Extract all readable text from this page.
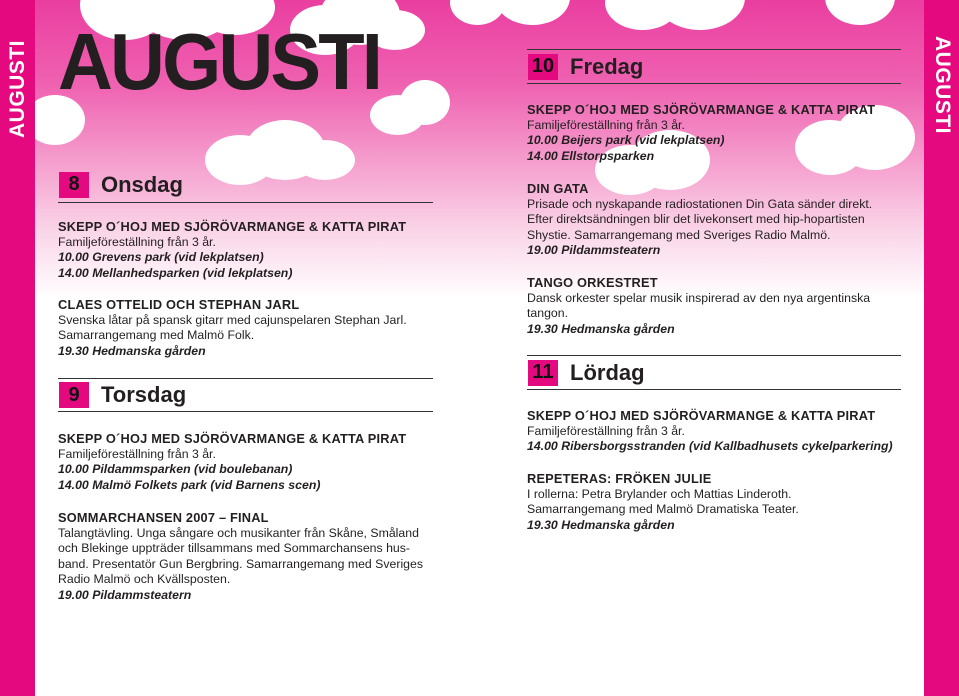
AUGUSTI	AUGUSTI
AUGUSTI
8 Onsdag

SKEPP O´HOJ MED SJÖRÖVARMANGE & KATTA PIRAT

Familjeföreställning från 3 år.

10.00 Grevens park (vid lekplatsen)

14.00 Mellanhedsparken (vid lekplatsen)

CLAES OTTELID OCH STEPHAN JARL

Svenska låtar på spansk gitarr med cajunspelaren Stephan Jarl.

Samarrangemang med Malmö Folk.

19.30 Hedmanska gården

9 Torsdag

SKEPP O´HOJ MED SJÖRÖVARMANGE & KATTA PIRAT

Familjeföreställning från 3 år.

10.00 Pildammsparken (vid boulebanan)

14.00 Malmö Folkets park (vid Barnens scen)

SOMMARCHANSEN 2007 – FINAL

Talangtävling. Unga sångare och musikanter från Skåne, Småland

och Blekinge uppträder tillsammans med Sommarchansens hus-

band. Presentatör Gun Bergbring. Samarrangemang med Sveriges

Radio Malmö och Kvällsposten.

19.00 Pildammsteatern

10 Fredag

SKEPP O´HOJ MED SJÖRÖVARMANGE & KATTA PIRAT

Familjeföreställning från 3 år.

10.00 Beijers park (vid lekplatsen)

14.00 Ellstorpsparken

DIN GATA

Prisade och nyskapande radiostationen Din Gata sänder direkt.

Efter direktsändningen blir det livekonsert med hip-hopartisten

Shystie. Samarrangemang med Sveriges Radio Malmö.

19.00 Pildammsteatern

TANGO ORKESTRET

Dansk orkester spelar musik inspirerad av den nya argentinska

tangon.

19.30 Hedmanska gården

11 Lördag

SKEPP O´HOJ MED SJÖRÖVARMANGE & KATTA PIRAT

Familjeföreställning från 3 år.

14.00 Ribersborgsstranden (vid Kallbadhusets cykelparkering)

REPETERAS: FRÖKEN JULIE

I rollerna: Petra Brylander och Mattias Linderoth.

Samarrangemang med Malmö Dramatiska Teater.

19.30 Hedmanska gården
